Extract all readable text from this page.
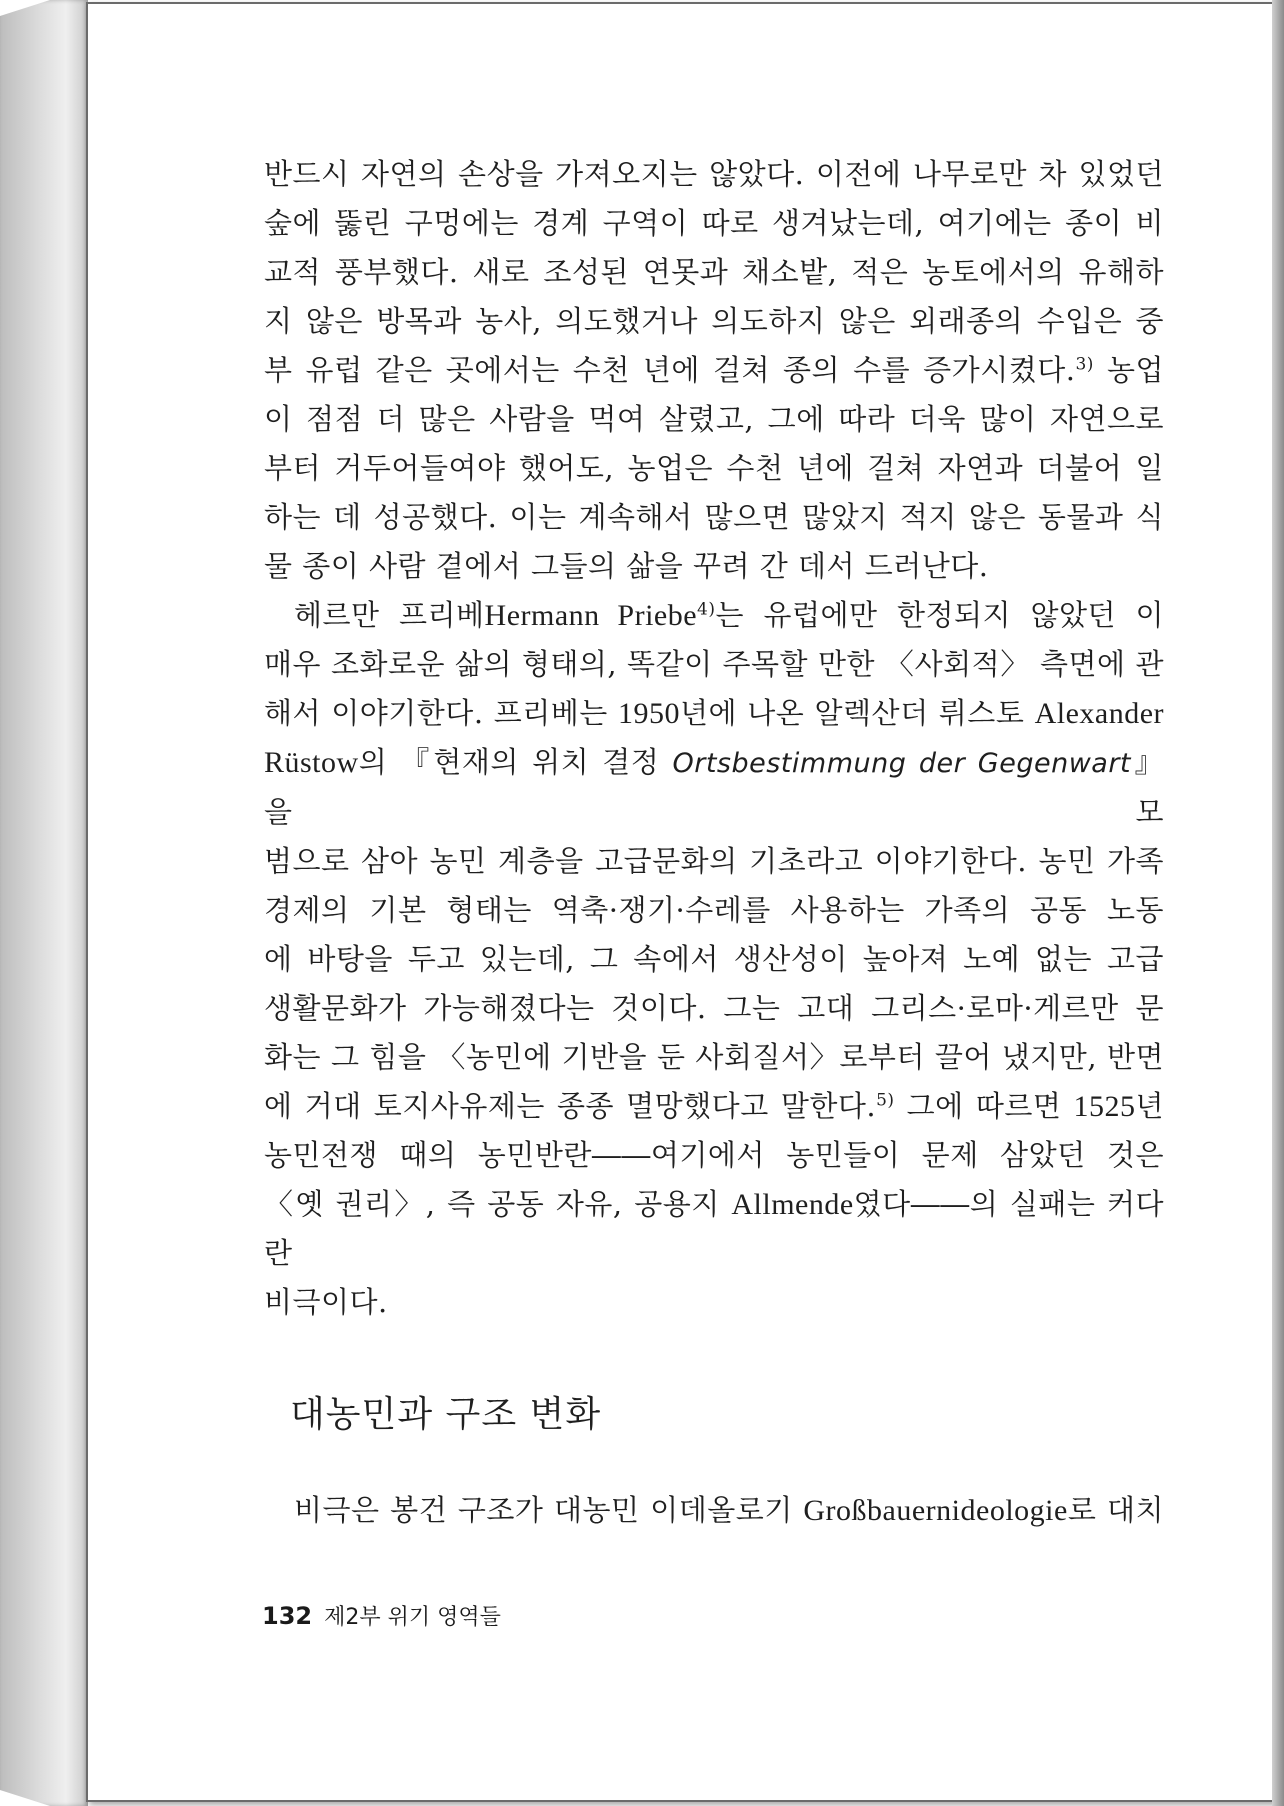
반드시 자연의 손상을 가져오지는 않았다. 이전에 나무로만 차 있었던

숲에 뚫린 구멍에는 경계 구역이 따로 생겨났는데, 여기에는 종이 비

교적 풍부했다. 새로 조성된 연못과 채소밭, 적은 농토에서의 유해하

지 않은 방목과 농사, 의도했거나 의도하지 않은 외래종의 수입은 중

부 유럽 같은 곳에서는 수천 년에 걸쳐 종의 수를 증가시켰다.$^{3)}$ 농업

이 점점 더 많은 사람을 먹여 살렸고, 그에 따라 더욱 많이 자연으로

부터 거두어들여야 했어도, 농업은 수천 년에 걸쳐 자연과 더불어 일

하는 데 성공했다. 이는 계속해서 많으면 많았지 적지 않은 동물과 식

물 종이 사람 곁에서 그들의 삶을 꾸려 간 데서 드러난다.

헤르만 프리베Hermann Priebe$^{4)}$는 유럽에만 한정되지 않았던 이

매우 조화로운 삶의 형태의, 똑같이 주목할 만한 〈사회적〉 측면에 관

해서 이야기한다. 프리베는 1950년에 나온 알렉산더 뤼스토 Alexander

Rüstow의 『현재의 위치 결정 Ortsbestimmung der Gegenwart』을 모

범으로 삼아 농민 계층을 고급문화의 기초라고 이야기한다. 농민 가족

경제의 기본 형태는 역축·쟁기·수레를 사용하는 가족의 공동 노동

에 바탕을 두고 있는데, 그 속에서 생산성이 높아져 노예 없는 고급

생활문화가 가능해졌다는 것이다. 그는 고대 그리스·로마·게르만 문

화는 그 힘을 〈농민에 기반을 둔 사회질서〉로부터 끌어 냈지만, 반면

에 거대 토지사유제는 종종 멸망했다고 말한다.$^{5)}$ 그에 따르면 1525년

농민전쟁 때의 농민반란――여기에서 농민들이 문제 삼았던 것은

〈옛 권리〉, 즉 공동 자유, 공용지 Allmende였다――의 실패는 커다란

비극이다.

대농민과 구조 변화

비극은 봉건 구조가 대농민 이데올로기 Großbauernideologie로 대치

132 제2부 위기 영역들
